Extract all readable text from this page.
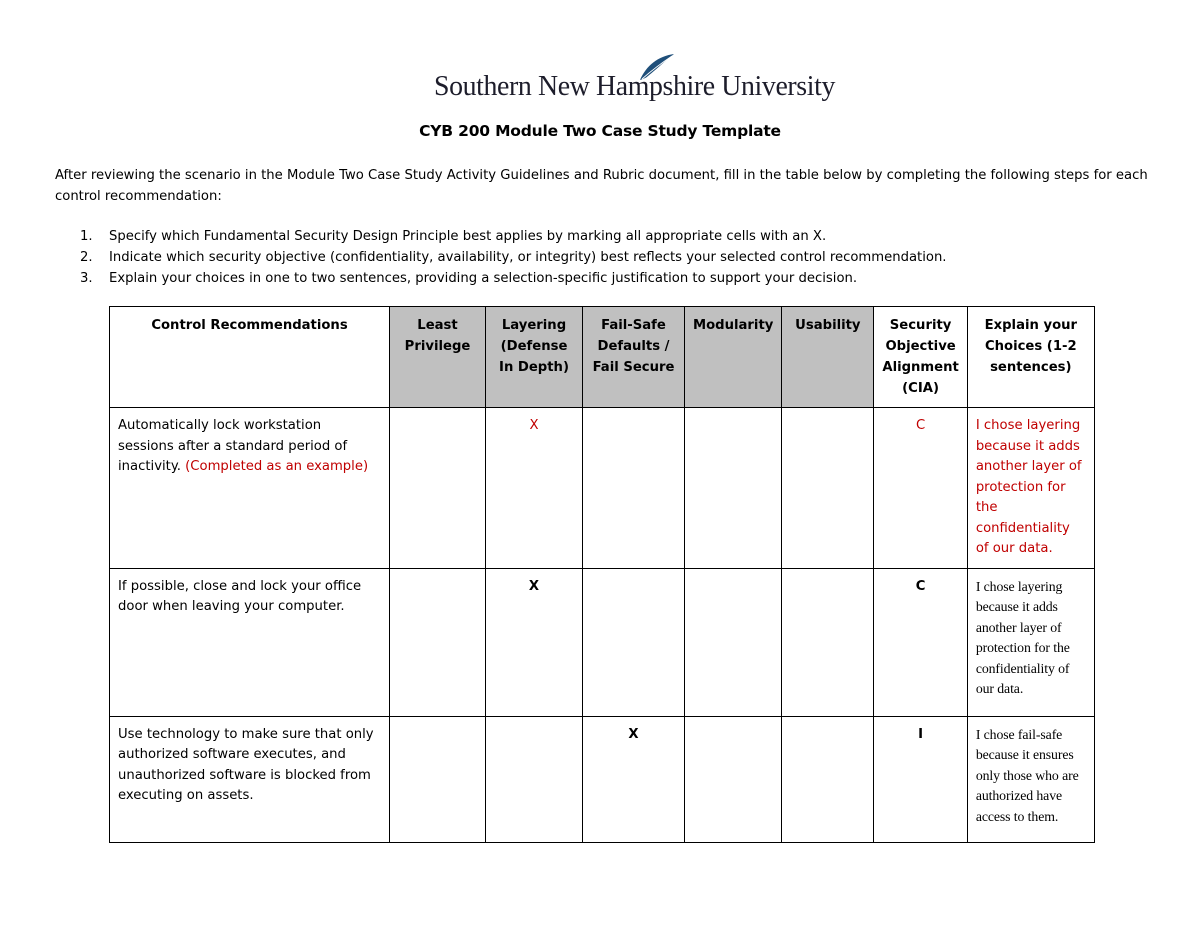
Southern New Hampshire University
CYB 200 Module Two Case Study Template
After reviewing the scenario in the Module Two Case Study Activity Guidelines and Rubric document, fill in the table below by completing the following steps for each control recommendation:
1.	Specify which Fundamental Security Design Principle best applies by marking all appropriate cells with an X.
2.	Indicate which security objective (confidentiality, availability, or integrity) best reflects your selected control recommendation.
3.	Explain your choices in one to two sentences, providing a selection-specific justification to support your decision.
Control Recommendations	Least Privilege	Layering (Defense In Depth)	Fail-Safe Defaults / Fail Secure	Modularity	Usability	Security Objective Alignment (CIA)	Explain your Choices (1-2 sentences)
Automatically lock workstation sessions after a standard period of inactivity. (Completed as an example)		X				C	I chose layering because it adds another layer of protection for the confidentiality of our data.
If possible, close and lock your office door when leaving your computer.		X				C	I chose layering because it adds another layer of protection for the confidentiality of our data.
Use technology to make sure that only authorized software executes, and unauthorized software is blocked from executing on assets.			X			I	I chose fail-safe because it ensures only those who are authorized have access to them.
